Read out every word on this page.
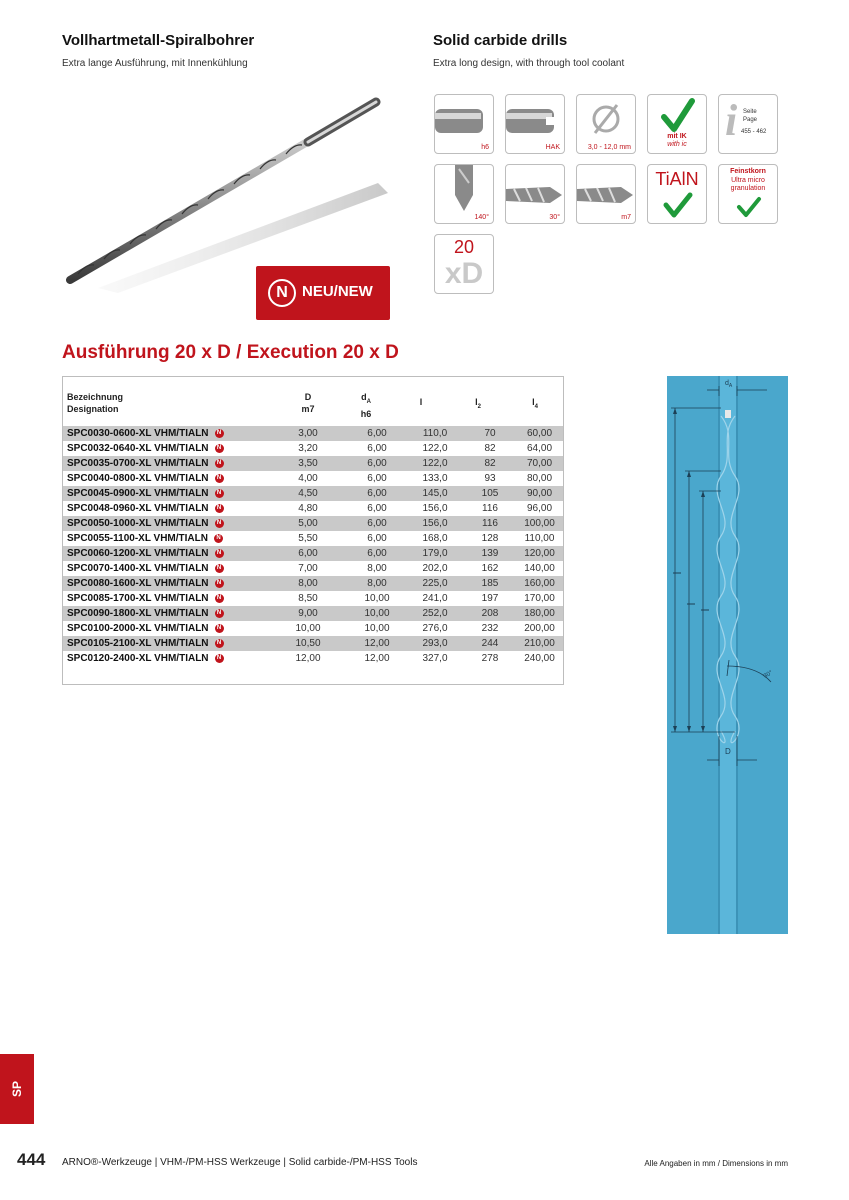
Vollhartmetall-Spiralbohrer
Extra lange Ausführung, mit Innenkühlung
Solid carbide drills
Extra long design, with through tool coolant
N NEU/NEW
h6	HAK	3,0 - 12,0 mm
mit IK
with ic i Seite
Page
455 - 462
140°	30°	m7
TiAlN	Feinstkorn
Ultra micro
granulation
20
xD
Ausführung 20 x D / Execution 20 x D
Bezeichnung
Designation
D
m7
$d_A$
h6
l	$l_2$	$l_4$
SPC0030-0600-XL VHM/TIALN N	3,00	6,00	110,0	70	60,00
SPC0032-0640-XL VHM/TIALN N	3,20	6,00	122,0	82	64,00
SPC0035-0700-XL VHM/TIALN N	3,50	6,00	122,0	82	70,00
SPC0040-0800-XL VHM/TIALN N	4,00	6,00	133,0	93	80,00
SPC0045-0900-XL VHM/TIALN N	4,50	6,00	145,0	105	90,00
SPC0048-0960-XL VHM/TIALN N	4,80	6,00	156,0	116	96,00
SPC0050-1000-XL VHM/TIALN N	5,00	6,00	156,0	116	100,00
SPC0055-1100-XL VHM/TIALN N	5,50	6,00	168,0	128	110,00
SPC0060-1200-XL VHM/TIALN N	6,00	6,00	179,0	139	120,00
SPC0070-1400-XL VHM/TIALN N	7,00	8,00	202,0	162	140,00
SPC0080-1600-XL VHM/TIALN N	8,00	8,00	225,0	185	160,00
SPC0085-1700-XL VHM/TIALN N	8,50	10,00	241,0	197	170,00
SPC0090-1800-XL VHM/TIALN N	9,00	10,00	252,0	208	180,00
SPC0100-2000-XL VHM/TIALN N	10,00	10,00	276,0	232	200,00
SPC0105-2100-XL VHM/TIALN N	10,50	12,00	293,0	244	210,00
SPC0120-2400-XL VHM/TIALN N	12,00	12,00	327,0	278	240,00
$d_A$
D
30°
SP
444 ARNO®-Werkzeuge | VHM-/PM-HSS Werkzeuge | Solid carbide-/PM-HSS Tools	Alle Angaben in mm / Dimensions in mm
